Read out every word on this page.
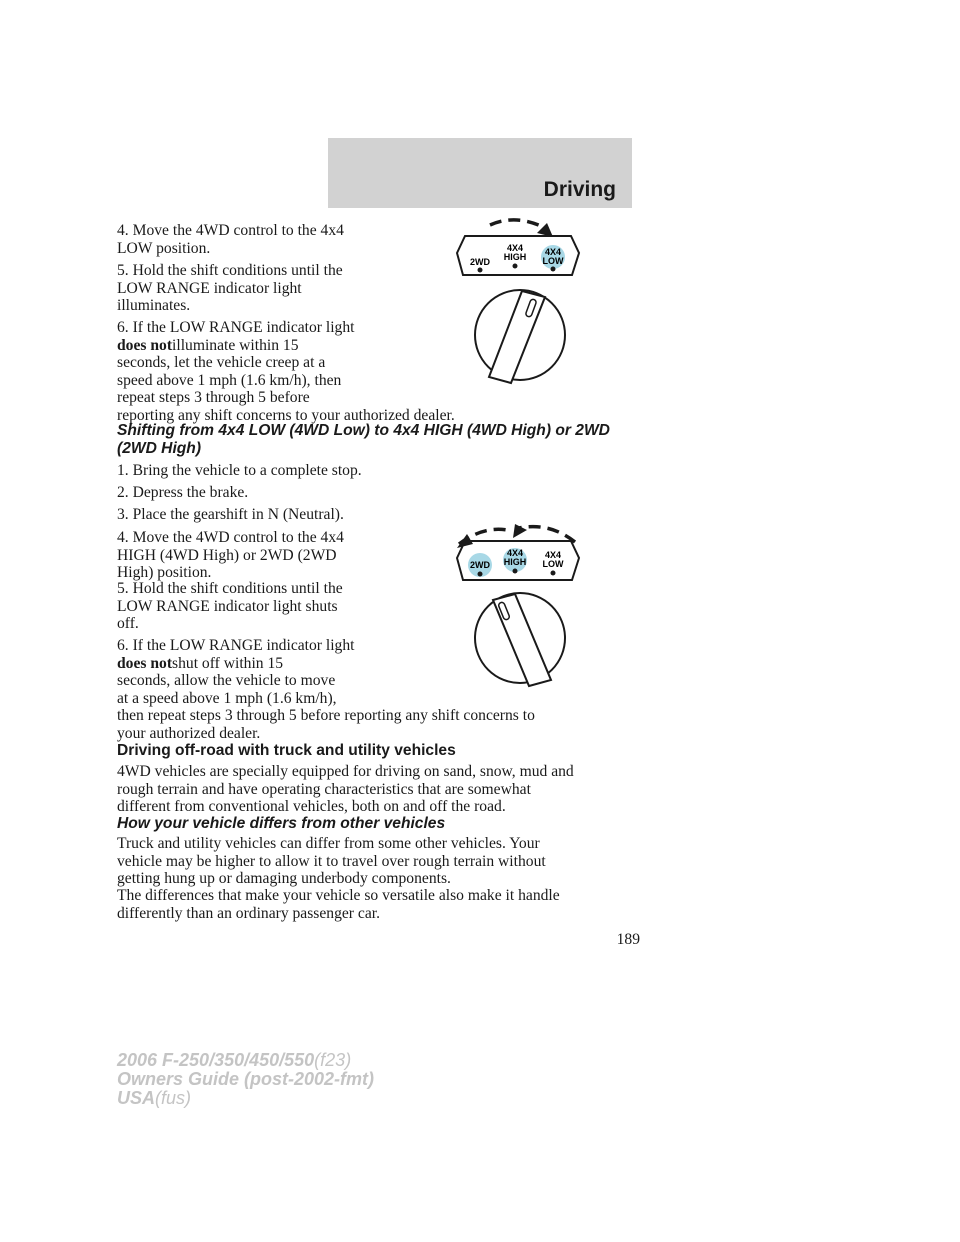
Driving

4. Move the 4WD control to the 4x4
LOW position.

5. Hold the shift conditions until the
LOW RANGE indicator light
illuminates.

6. If the LOW RANGE indicator light
does notilluminate within 15
seconds, let the vehicle creep at a
speed above 1 mph (1.6 km/h), then
repeat steps 3 through 5 before
reporting any shift concerns to your authorized dealer.

2WD
4X4
HIGH 4X4
LOW

Shifting from 4x4 LOW (4WD Low) to 4x4 HIGH (4WD High) or 2WD
(2WD High)

1. Bring the vehicle to a complete stop.

2. Depress the brake.

3. Place the gearshift in N (Neutral).

4. Move the 4WD control to the 4x4
HIGH (4WD High) or 2WD (2WD
High) position.

5. Hold the shift conditions until the
LOW RANGE indicator light shuts
off.

6. If the LOW RANGE indicator light
does notshut off within 15
seconds, allow the vehicle to move
at a speed above 1 mph (1.6 km/h),
then repeat steps 3 through 5 before reporting any shift concerns to
your authorized dealer.

2WD
4X4
HIGH
4X4
LOW

Driving off-road with truck and utility vehicles

4WD vehicles are specially equipped for driving on sand, snow, mud and
rough terrain and have operating characteristics that are somewhat
different from conventional vehicles, both on and off the road.

How your vehicle differs from other vehicles

Truck and utility vehicles can differ from some other vehicles. Your
vehicle may be higher to allow it to travel over rough terrain without
getting hung up or damaging underbody components.

The differences that make your vehicle so versatile also make it handle
differently than an ordinary passenger car.

189
2006 F-250/350/450/550(f23)
Owners Guide (post-2002-fmt)
USA(fus)
